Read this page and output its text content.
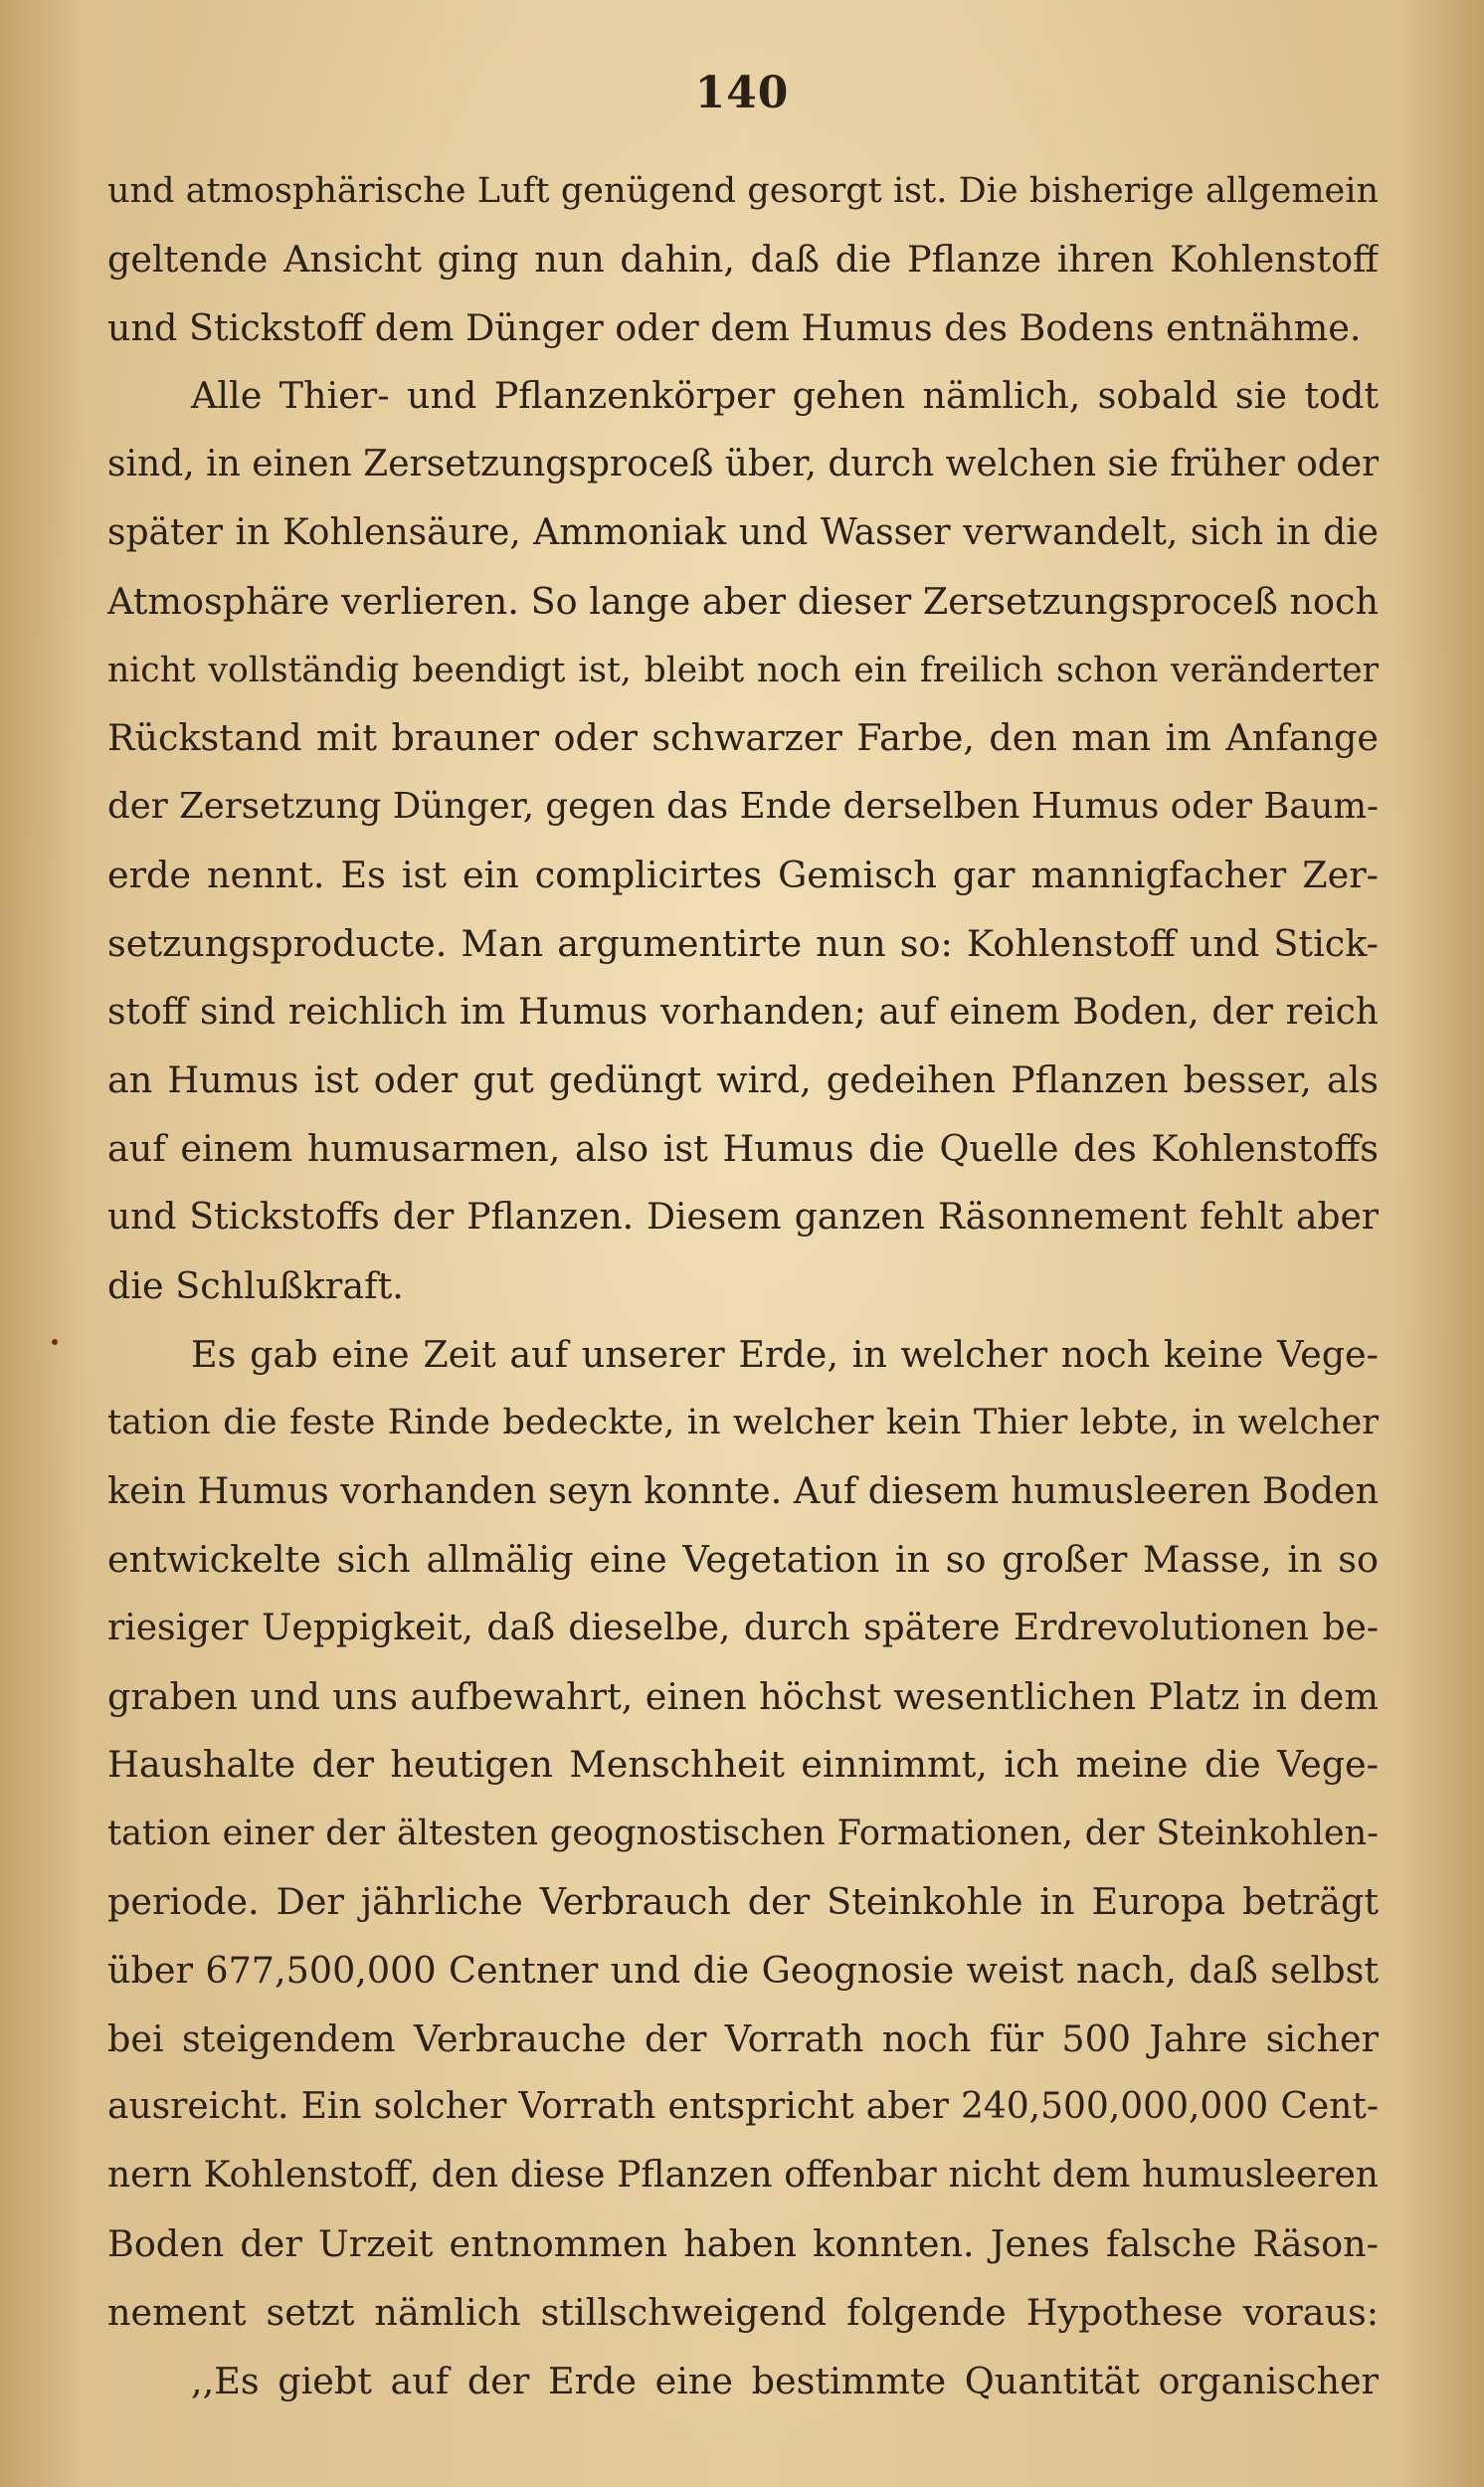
140
und atmosphärische Luft genügend gesorgt ist. Die bisherige allgemein
geltende Ansicht ging nun dahin, daß die Pflanze ihren Kohlenstoff
und Stickstoff dem Dünger oder dem Humus des Bodens entnähme.
Alle Thier- und Pflanzenkörper gehen nämlich, sobald sie todt
sind, in einen Zersetzungsproceß über, durch welchen sie früher oder
später in Kohlensäure, Ammoniak und Wasser verwandelt, sich in die
Atmosphäre verlieren. So lange aber dieser Zersetzungsproceß noch
nicht vollständig beendigt ist, bleibt noch ein freilich schon veränderter
Rückstand mit brauner oder schwarzer Farbe, den man im Anfange
der Zersetzung Dünger, gegen das Ende derselben Humus oder Baum-
erde nennt. Es ist ein complicirtes Gemisch gar mannigfacher Zer-
setzungsproducte. Man argumentirte nun so: Kohlenstoff und Stick-
stoff sind reichlich im Humus vorhanden; auf einem Boden, der reich
an Humus ist oder gut gedüngt wird, gedeihen Pflanzen besser, als
auf einem humusarmen, also ist Humus die Quelle des Kohlenstoffs
und Stickstoffs der Pflanzen. Diesem ganzen Räsonnement fehlt aber
die Schlußkraft.
Es gab eine Zeit auf unserer Erde, in welcher noch keine Vege-
tation die feste Rinde bedeckte, in welcher kein Thier lebte, in welcher
kein Humus vorhanden seyn konnte. Auf diesem humusleeren Boden
entwickelte sich allmälig eine Vegetation in so großer Masse, in so
riesiger Ueppigkeit, daß dieselbe, durch spätere Erdrevolutionen be-
graben und uns aufbewahrt, einen höchst wesentlichen Platz in dem
Haushalte der heutigen Menschheit einnimmt, ich meine die Vege-
tation einer der ältesten geognostischen Formationen, der Steinkohlen-
periode. Der jährliche Verbrauch der Steinkohle in Europa beträgt
über 677,500,000 Centner und die Geognosie weist nach, daß selbst
bei steigendem Verbrauche der Vorrath noch für 500 Jahre sicher
ausreicht. Ein solcher Vorrath entspricht aber 240,500,000,000 Cent-
nern Kohlenstoff, den diese Pflanzen offenbar nicht dem humusleeren
Boden der Urzeit entnommen haben konnten. Jenes falsche Räson-
nement setzt nämlich stillschweigend folgende Hypothese voraus:
,,Es giebt auf der Erde eine bestimmte Quantität organischer
